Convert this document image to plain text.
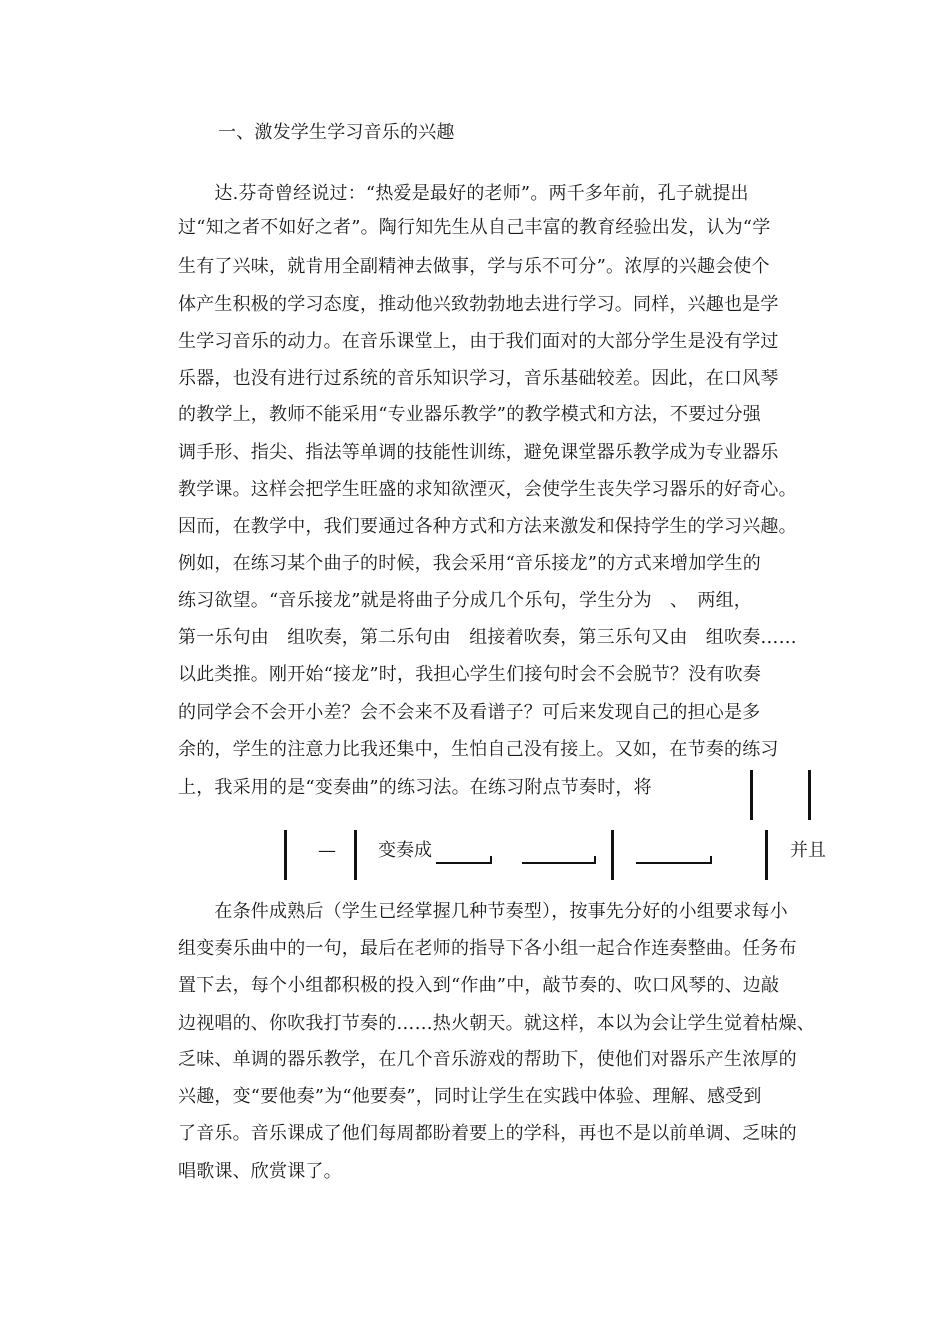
一、激发学生学习音乐的兴趣
　　达.芬奇曾经说过：“热爱是最好的老师”。两千多年前，孔子就提出
过“知之者不如好之者”。陶行知先生从自己丰富的教育经验出发，认为“学
生有了兴味，就肯用全副精神去做事，学与乐不可分”。浓厚的兴趣会使个
体产生积极的学习态度，推动他兴致勃勃地去进行学习。同样，兴趣也是学
生学习音乐的动力。在音乐课堂上，由于我们面对的大部分学生是没有学过
乐器，也没有进行过系统的音乐知识学习，音乐基础较差。因此，在口风琴
的教学上，教师不能采用“专业器乐教学”的教学模式和方法，不要过分强
调手形、指尖、指法等单调的技能性训练，避免课堂器乐教学成为专业器乐
教学课。这样会把学生旺盛的求知欲湮灭，会使学生丧失学习器乐的好奇心。
因而，在教学中，我们要通过各种方式和方法来激发和保持学生的学习兴趣。
例如，在练习某个曲子的时候，我会采用“音乐接龙”的方式来增加学生的
练习欲望。“音乐接龙”就是将曲子分成几个乐句，学生分为　、　两组，
第一乐句由　组吹奏，第二乐句由　组接着吹奏，第三乐句又由　组吹奏……
以此类推。刚开始“接龙”时，我担心学生们接句时会不会脱节？没有吹奏
的同学会不会开小差？会不会来不及看谱子？可后来发现自己的担心是多
余的，学生的注意力比我还集中，生怕自己没有接上。又如，在节奏的练习
上，我采用的是“变奏曲”的练习法。在练习附点节奏时，将
— 变奏成	并且
　　在条件成熟后（学生已经掌握几种节奏型），按事先分好的小组要求每小
组变奏乐曲中的一句，最后在老师的指导下各小组一起合作连奏整曲。任务布
置下去，每个小组都积极的投入到“作曲”中，敲节奏的、吹口风琴的、边敲
边视唱的、你吹我打节奏的……热火朝天。就这样，本以为会让学生觉着枯燥、
乏味、单调的器乐教学，在几个音乐游戏的帮助下，使他们对器乐产生浓厚的
兴趣，变“要他奏”为“他要奏”，同时让学生在实践中体验、理解、感受到
了音乐。音乐课成了他们每周都盼着要上的学科，再也不是以前单调、乏味的
唱歌课、欣赏课了。
